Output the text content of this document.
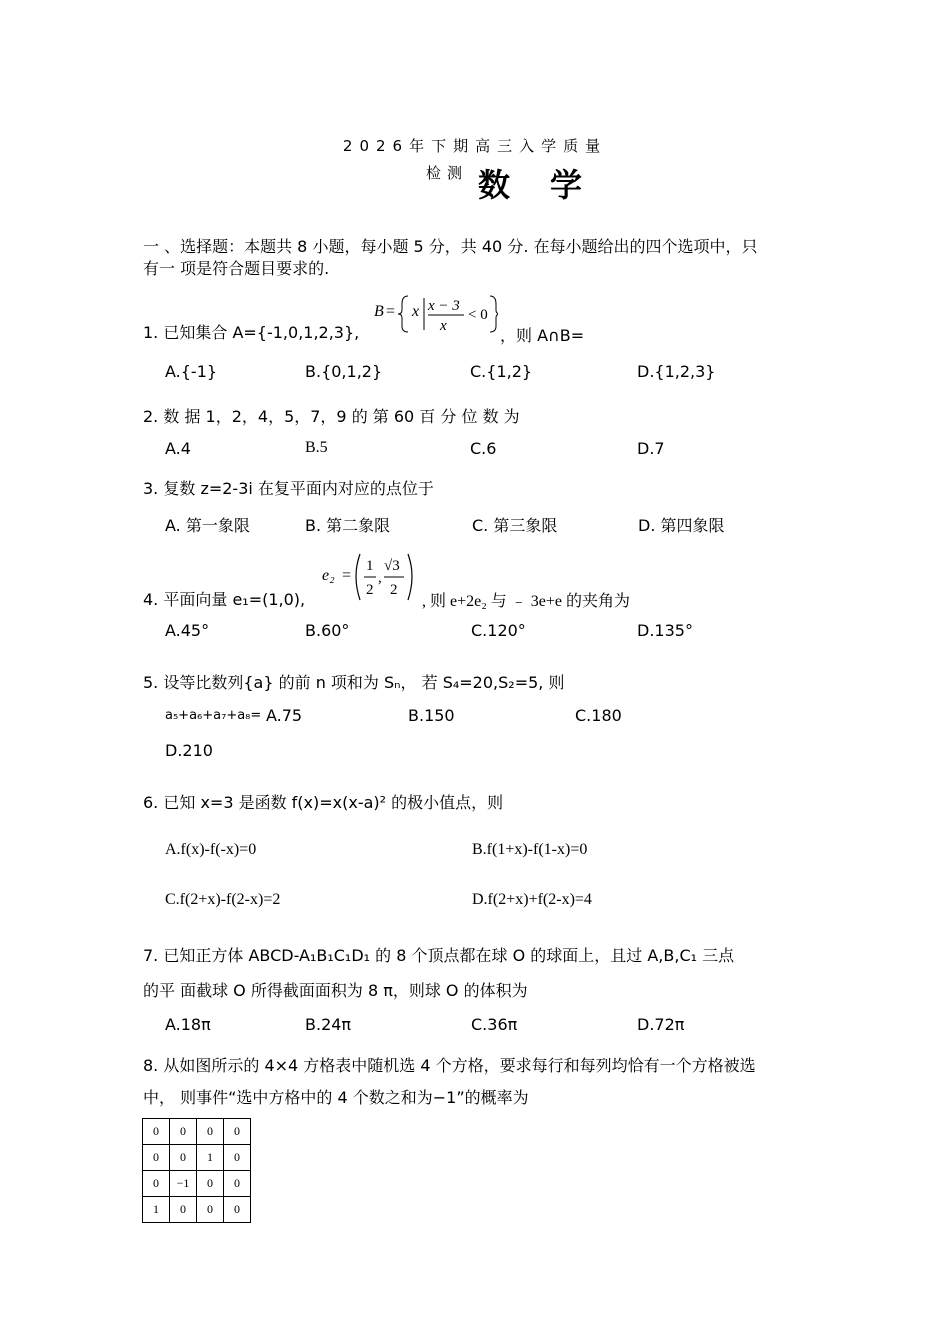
2026年下期高三入学质量
检测 数学
一 、选择题：本题共 8 小题，每小题 5 分，共 40 分. 在每小题给出的四个选项中，只
有一 项是符合题目要求的.
1. 已知集合 A={-1,0,1,2,3},
B = x x − 3
x
< 0
，则 A∩B=
A.{-1}	B.{0,1,2}	C.{1,2}	D.{1,2,3}
2. 数 据 1，2，4，5，7，9 的 第 60 百 分 位 数 为
A.4	B.5	C.6	D.7
3. 复数 z=2-3i 在复平面内对应的点位于
A. 第一象限	B. 第二象限	C. 第三象限	D. 第四象限
4. 平面向量 e₁=(1,0),
e₂ =
1
2
,
√3
2
, 则 e+2e₂ 与 ﹣ 3e+e 的夹角为
A.45°	B.60°	C.120°	D.135°
5. 设等比数列{a} 的前 n 项和为 Sₙ， 若 S₄=20,S₂=5, 则
a₅+a₆+a₇+a₈= A.75	B.150	C.180
D.210
6. 已知 x=3 是函数 f(x)=x(x-a)² 的极小值点，则
A.f(x)-f(-x)=0	B.f(1+x)-f(1-x)=0
C.f(2+x)-f(2-x)=2	D.f(2+x)+f(2-x)=4
7. 已知正方体 ABCD-A₁B₁C₁D₁ 的 8 个顶点都在球 O 的球面上，且过 A,B,C₁ 三点
的平 面截球 O 所得截面面积为 8 π，则球 O 的体积为
A.18π	B.24π	C.36π	D.72π
8. 从如图所示的 4×4 方格表中随机选 4 个方格，要求每行和每列均恰有一个方格被选
中， 则事件“选中方格中的 4 个数之和为−1”的概率为
0	0	0	0
0	0	1	0
0	−1	0	0
1	0	0	0
